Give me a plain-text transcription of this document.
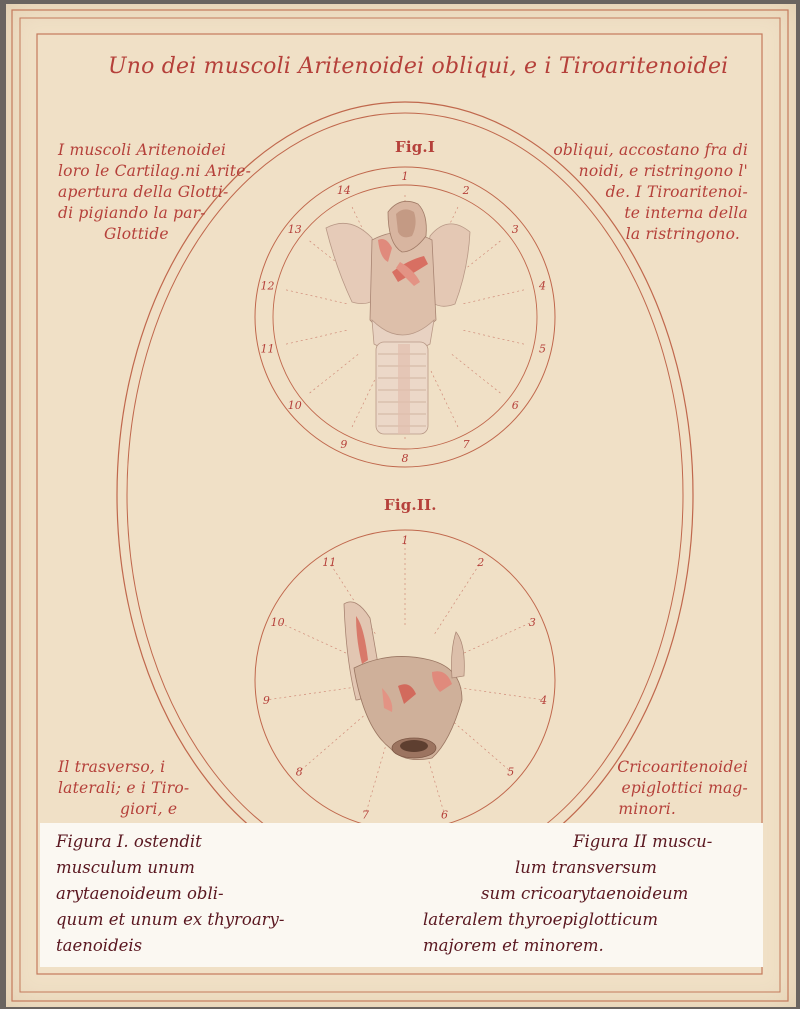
1
2
3
4
5
6
7
8
9
10
11
12
13
14
1
2
3
4
5
6
7
8
9
10
11
Uno dei muscoli Aritenoidei obliqui, e i Tiroaritenoidei
Fig.I
Fig.II.
I muscoli Aritenoidei
loro le Cartilag.ni Arite-
apertura della Glotti-
di pigiando la par-
Glottide
obliqui, accostano fra di
noidi, e ristringono l'
de. I Tiroaritenoi-
te interna della
la ristringono.
Il trasverso, i
laterali; e i Tiro-
giori, e
Cricoaritenoidei
epiglottici mag-
minori.
Figura I. ostendit
musculum unum
arytaenoideum obli-
quum et unum ex thyroary-
taenoideis
Figura II muscu-
lum transversum
sum cricoarytaenoideum
lateralem thyroepiglotticum
majorem et minorem.
